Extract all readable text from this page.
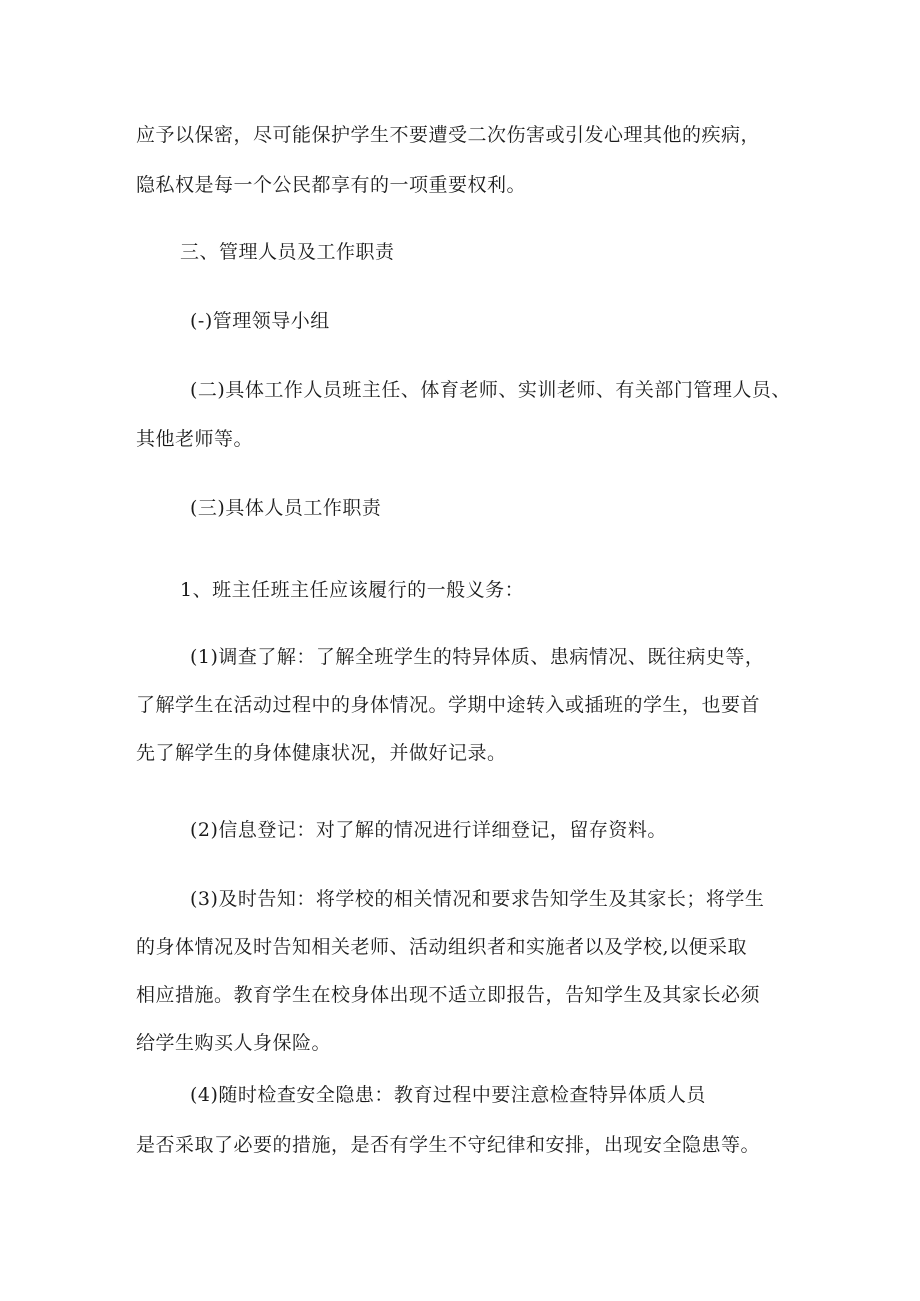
应予以保密，尽可能保护学生不要遭受二次伤害或引发心理其他的疾病，
隐私权是每一个公民都享有的一项重要权利。
三、管理人员及工作职责
(-)管理领导小组
(二)具体工作人员班主任、体育老师、实训老师、有关部门管理人员、
其他老师等。
(三)具体人员工作职责
1、班主任班主任应该履行的一般义务：
(1)调查了解：了解全班学生的特异体质、患病情况、既往病史等，
了解学生在活动过程中的身体情况。学期中途转入或插班的学生，也要首
先了解学生的身体健康状况，并做好记录。
(2)信息登记：对了解的情况进行详细登记，留存资料。
(3)及时告知：将学校的相关情况和要求告知学生及其家长；将学生
的身体情况及时告知相关老师、活动组织者和实施者以及学校,以便采取
相应措施。教育学生在校身体出现不适立即报告，告知学生及其家长必须
给学生购买人身保险。
(4)随时检查安全隐患：教育过程中要注意检查特异体质人员
是否采取了必要的措施，是否有学生不守纪律和安排，出现安全隐患等。
